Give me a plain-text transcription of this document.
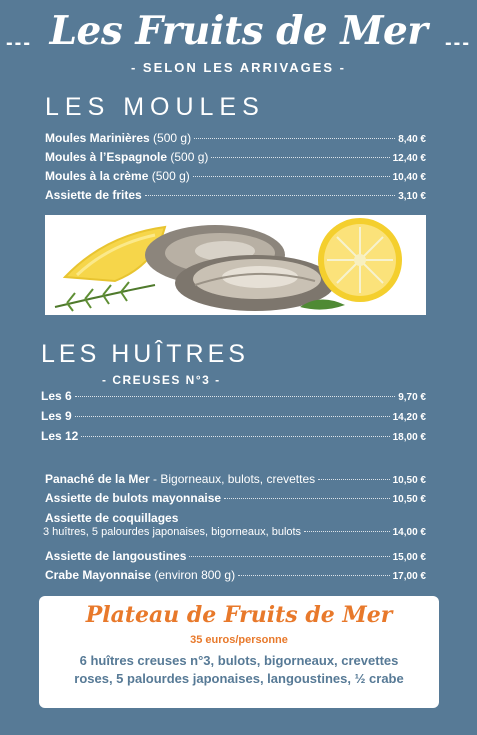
--- Les Fruits de Mer ---
- SELON LES ARRIVAGES -
LES MOULES
Moules Marinières (500 g)	8,40 €
Moules à l’Espagnole (500 g)	12,40 €
Moules à la crème (500 g)	10,40 €
Assiette de frites	3,10 €
LES HUÎTRES
- CREUSES N°3 -
Les 6	9,70 €
Les 9	14,20 €
Les 12	18,00 €
Panaché de la Mer - Bigorneaux, bulots, crevettes	10,50 €
Assiette de bulots mayonnaise	10,50 €
Assiette de coquillages
3 huîtres, 5 palourdes japonaises, bigorneaux, bulots	14,00 €
Assiette de langoustines	15,00 €
Crabe Mayonnaise (environ 800 g)	17,00 €
Plateau de Fruits de Mer
35 euros/personne
6 huîtres creuses n°3, bulots, bigorneaux, crevettes
roses, 5 palourdes japonaises, langoustines, ½ crabe
